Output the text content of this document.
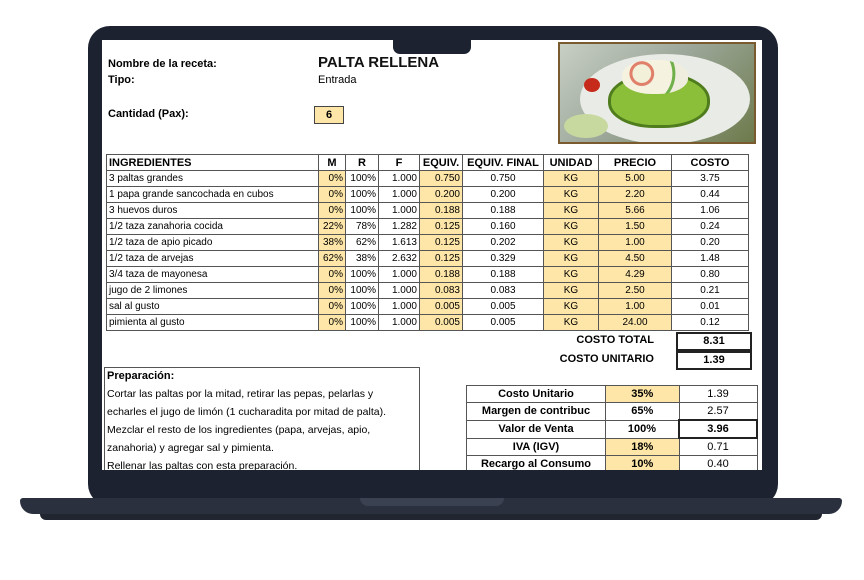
Nombre de la receta:	PALTA RELLENA
Tipo:	Entrada
Cantidad (Pax):	6
INGREDIENTES	M	R	F	EQUIV.	EQUIV. FINAL	UNIDAD	PRECIO	COSTO
3 paltas grandes	0%	100%	1.000	0.750	0.750	KG	5.00	3.75
1 papa grande sancochada en cubos	0%	100%	1.000	0.200	0.200	KG	2.20	0.44
3 huevos duros	0%	100%	1.000	0.188	0.188	KG	5.66	1.06
1/2 taza zanahoria cocida	22%	78%	1.282	0.125	0.160	KG	1.50	0.24
1/2 taza de apio picado	38%	62%	1.613	0.125	0.202	KG	1.00	0.20
1/2 taza de arvejas	62%	38%	2.632	0.125	0.329	KG	4.50	1.48
3/4 taza de mayonesa	0%	100%	1.000	0.188	0.188	KG	4.29	0.80
jugo de 2 limones	0%	100%	1.000	0.083	0.083	KG	2.50	0.21
sal al gusto	0%	100%	1.000	0.005	0.005	KG	1.00	0.01
pimienta al gusto	0%	100%	1.000	0.005	0.005	KG	24.00	0.12
COSTO TOTAL	8.31
COSTO UNITARIO	1.39
Preparación:
Cortar las paltas por la mitad, retirar las pepas, pelarlas y
echarles el jugo de limón (1 cucharadita por mitad de palta).
Mezclar el resto de los ingredientes (papa, arvejas, apio,
zanahoria) y agregar sal y pimienta.
Rellenar las paltas con esta preparación.
Costo Unitario	35%	1.39
Margen de contribuc	65%	2.57
Valor de Venta	100%	3.96
IVA (IGV)	18%	0.71
Recargo al Consumo	10%	0.40
